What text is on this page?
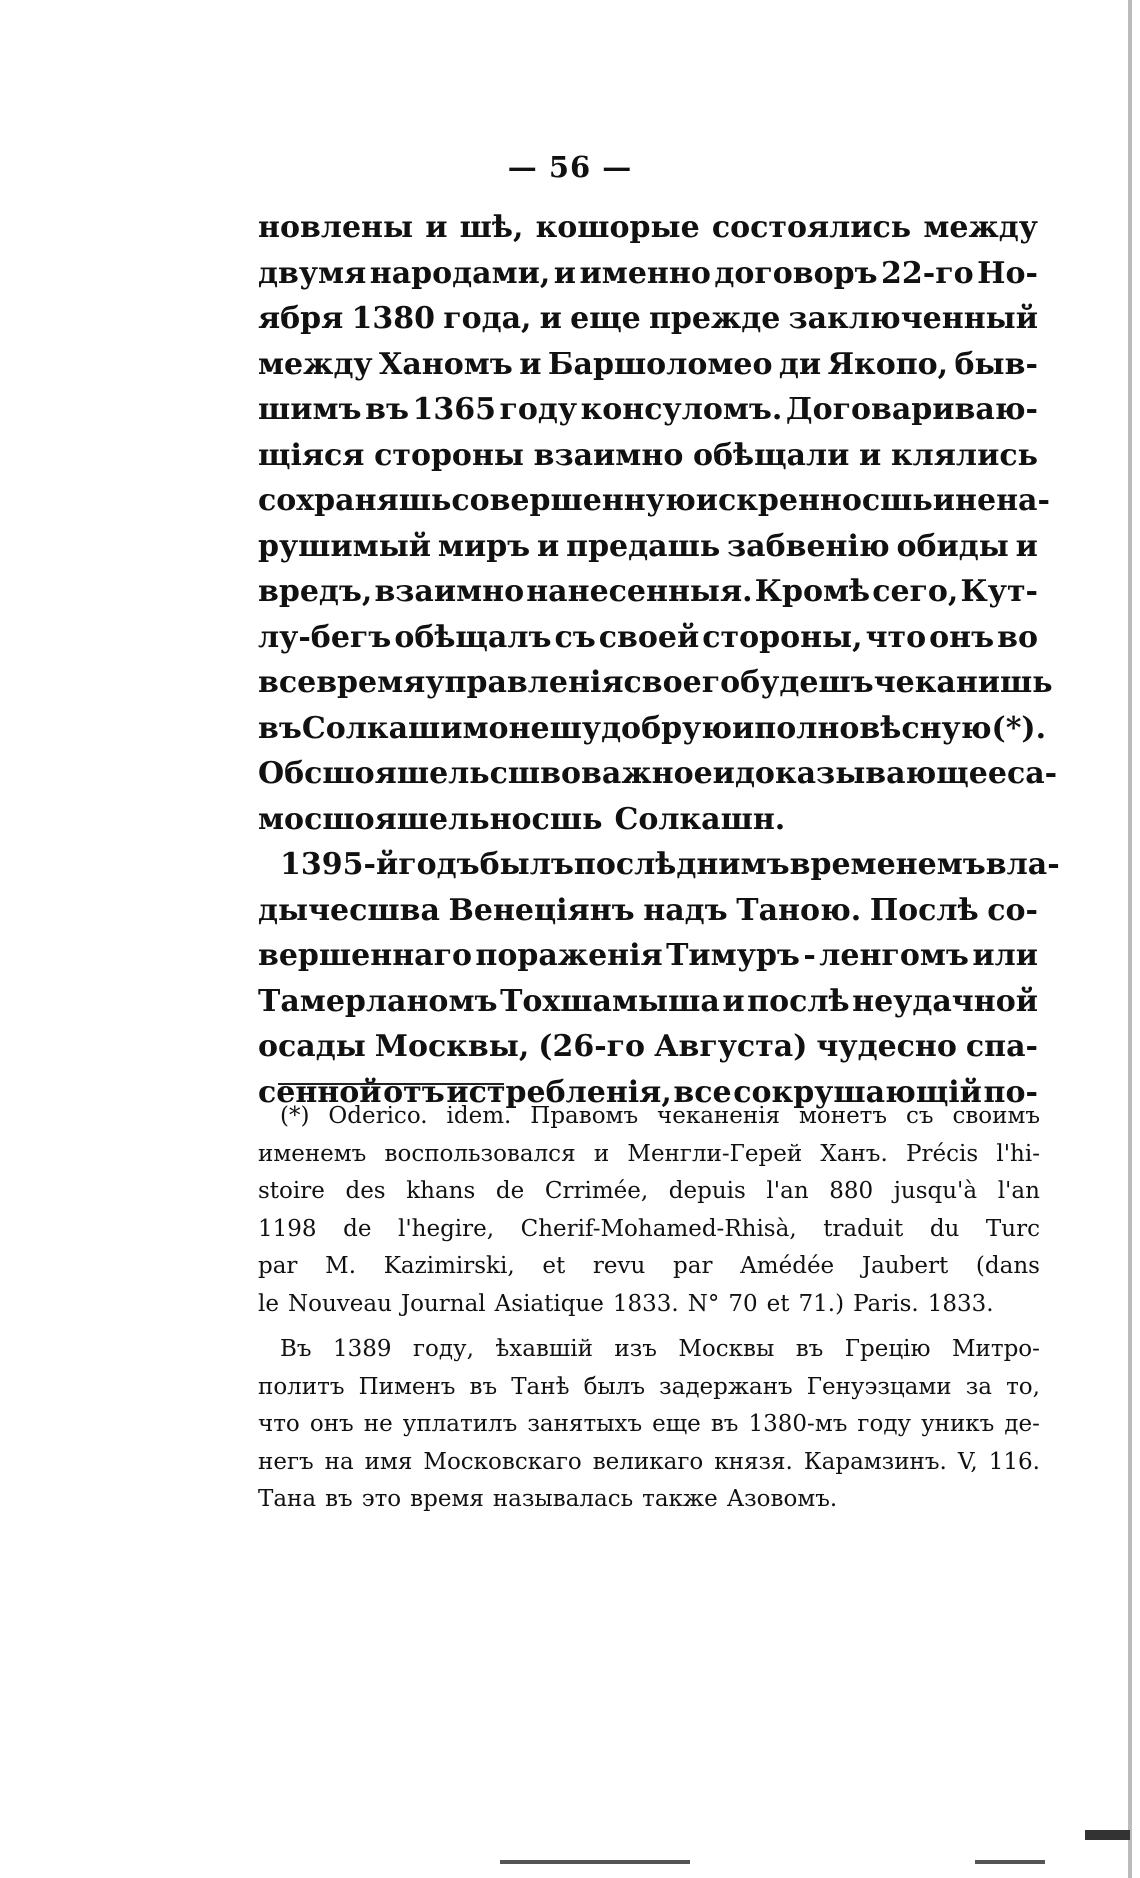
— 56 —
новлены и шѣ, кошорые состоялись между
двумя народами, и именно договоръ 22-го Но-
ября 1380 года, и еще прежде заключенный
между Ханомъ и Баршоломео ди Якопо, быв-
шимъ въ 1365 году консуломъ. Договариваю-
щіяся стороны взаимно обѣщали и клялись
сохраняшь совершенную искренносшь и нена-
рушимый миръ и предашь забвенію обиды и
вредъ, взаимно нанесенныя. Кромѣ сего, Кут-
лу-бегъ обѣщалъ съ своей стороны, что онъ во
все время управленія своего будешъ чеканишь
въ Солкаши монешу добрую и полновѣсную (*).
Обсшояшельсшво важное и доказывающее са-
мосшояшельносшь Солкашн.
1395-й годъ былъ послѣднимъ временемъ вла-
дычесшва Венеціянъ надъ Таною. Послѣ со-
вершеннаго пораженія Тимуръ - ленгомъ или
Тамерланомъ Тохшамыша и послѣ неудачной
осады Москвы, (26-го Августа) чудесно спа-
сенной отъ истребленія, все сокрушающій по-
(*) Oderico. idem. Правомъ чеканенія монетъ съ своимъ
именемъ воспользовался и Менгли-Герей Ханъ. Précis l'hi-
stoire des khans de Crrimée, depuis l'an 880 jusqu'à l'an
1198 de l'hegire, Cherif-Mohamed-Rhisà, traduit du Turc
par M. Kazimirski, et revu par Amédée Jaubert (dans
le Nouveau Journal Asiatique 1833. N° 70 et 71.) Paris. 1833.
Въ 1389 году, ѣхавшій изъ Москвы въ Грецію Митро-
политъ Пименъ въ Танѣ былъ задержанъ Генуэзцами за то,
что онъ не уплатилъ занятыхъ еще въ 1380-мъ году уникъ де-
негъ на имя Московскаго великаго князя. Карамзинъ. V, 116.
Тана въ это время называлась также Азовомъ.
